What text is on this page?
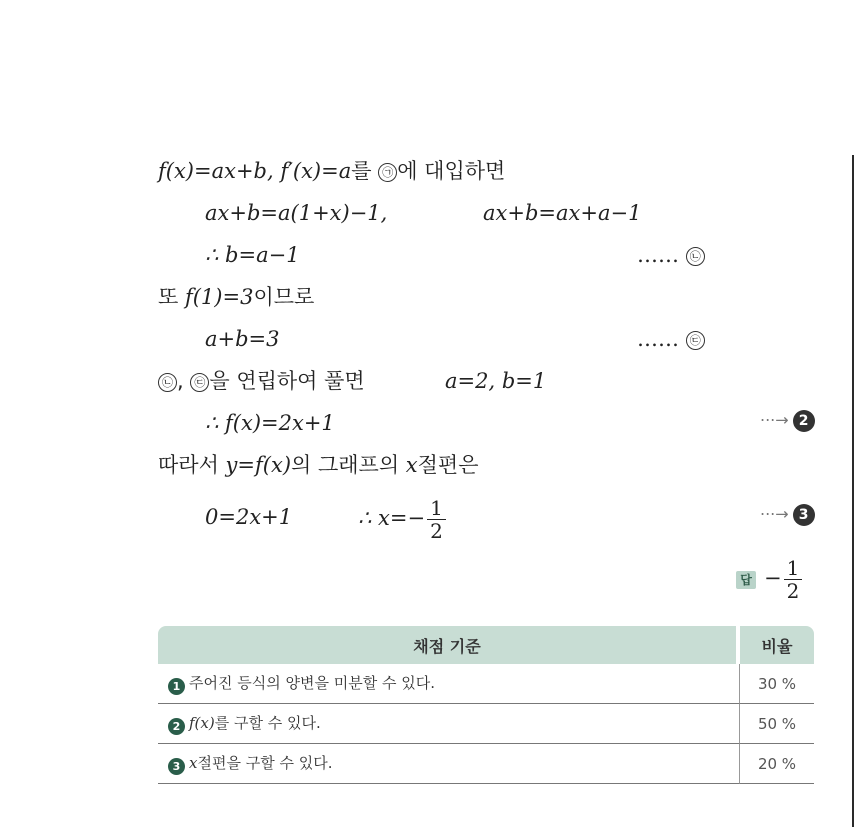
f(x)=ax+b, f′(x)=a를 ㉠ 에 대입하면
ax+b=a(1+x)−1,	ax+b=ax+a−1
∴ b=a−1	…… ㉡
또 f(1)=3이므로
a+b=3	…… ㉢
㉡ , ㉢ 을 연립하여 풀면	a=2, b=1
∴ f(x)=2x+1	···→ 2
따라서 y=f(x)의 그래프의 x절편은
0=2x+1	∴ $x=- \frac{1}{2}$	···→ 3
답 − $\frac{1}{2}$
채점 기준	비율
1 주어진 등식의 양변을 미분할 수 있다.	30 %
2 f(x)를 구할 수 있다.	50 %
3 x절편을 구할 수 있다.	20 %
